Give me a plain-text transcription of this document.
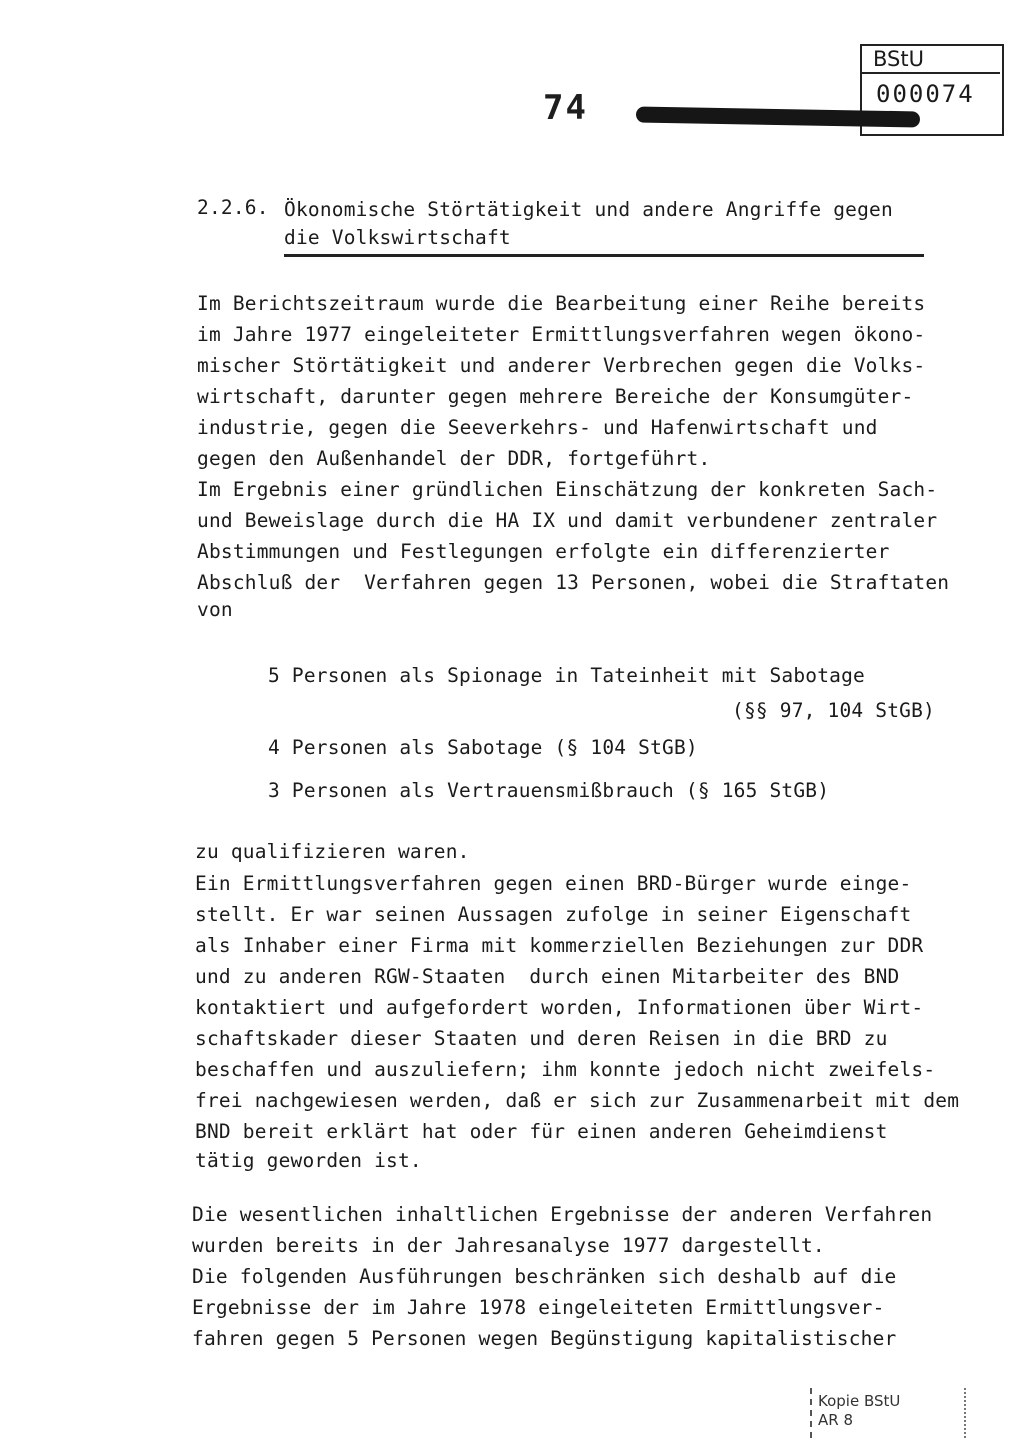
BStU
000074
74
2.2.6. Ökonomische Störtätigkeit und andere Angriffe gegen
die Volkswirtschaft
Im Berichtszeitraum wurde die Bearbeitung einer Reihe bereits
im Jahre 1977 eingeleiteter Ermittlungsverfahren wegen ökono-
mischer Störtätigkeit und anderer Verbrechen gegen die Volks-
wirtschaft, darunter gegen mehrere Bereiche der Konsumgüter-
industrie, gegen die Seeverkehrs- und Hafenwirtschaft und
gegen den Außenhandel der DDR, fortgeführt.
Im Ergebnis einer gründlichen Einschätzung der konkreten Sach-
und Beweislage durch die HA IX und damit verbundener zentraler
Abstimmungen und Festlegungen erfolgte ein differenzierter
Abschluß der  Verfahren gegen 13 Personen, wobei die Straftaten
von
5 Personen als Spionage in Tateinheit mit Sabotage
(§§ 97, 104 StGB)
4 Personen als Sabotage (§ 104 StGB)
3 Personen als Vertrauensmißbrauch (§ 165 StGB)
zu qualifizieren waren.
Ein Ermittlungsverfahren gegen einen BRD-Bürger wurde einge-
stellt. Er war seinen Aussagen zufolge in seiner Eigenschaft
als Inhaber einer Firma mit kommerziellen Beziehungen zur DDR
und zu anderen RGW-Staaten  durch einen Mitarbeiter des BND
kontaktiert und aufgefordert worden, Informationen über Wirt-
schaftskader dieser Staaten und deren Reisen in die BRD zu
beschaffen und auszuliefern; ihm konnte jedoch nicht zweifels-
frei nachgewiesen werden, daß er sich zur Zusammenarbeit mit dem
BND bereit erklärt hat oder für einen anderen Geheimdienst
tätig geworden ist.
Die wesentlichen inhaltlichen Ergebnisse der anderen Verfahren
wurden bereits in der Jahresanalyse 1977 dargestellt.
Die folgenden Ausführungen beschränken sich deshalb auf die
Ergebnisse der im Jahre 1978 eingeleiteten Ermittlungsver-
fahren gegen 5 Personen wegen Begünstigung kapitalistischer
Kopie BStU
AR 8
